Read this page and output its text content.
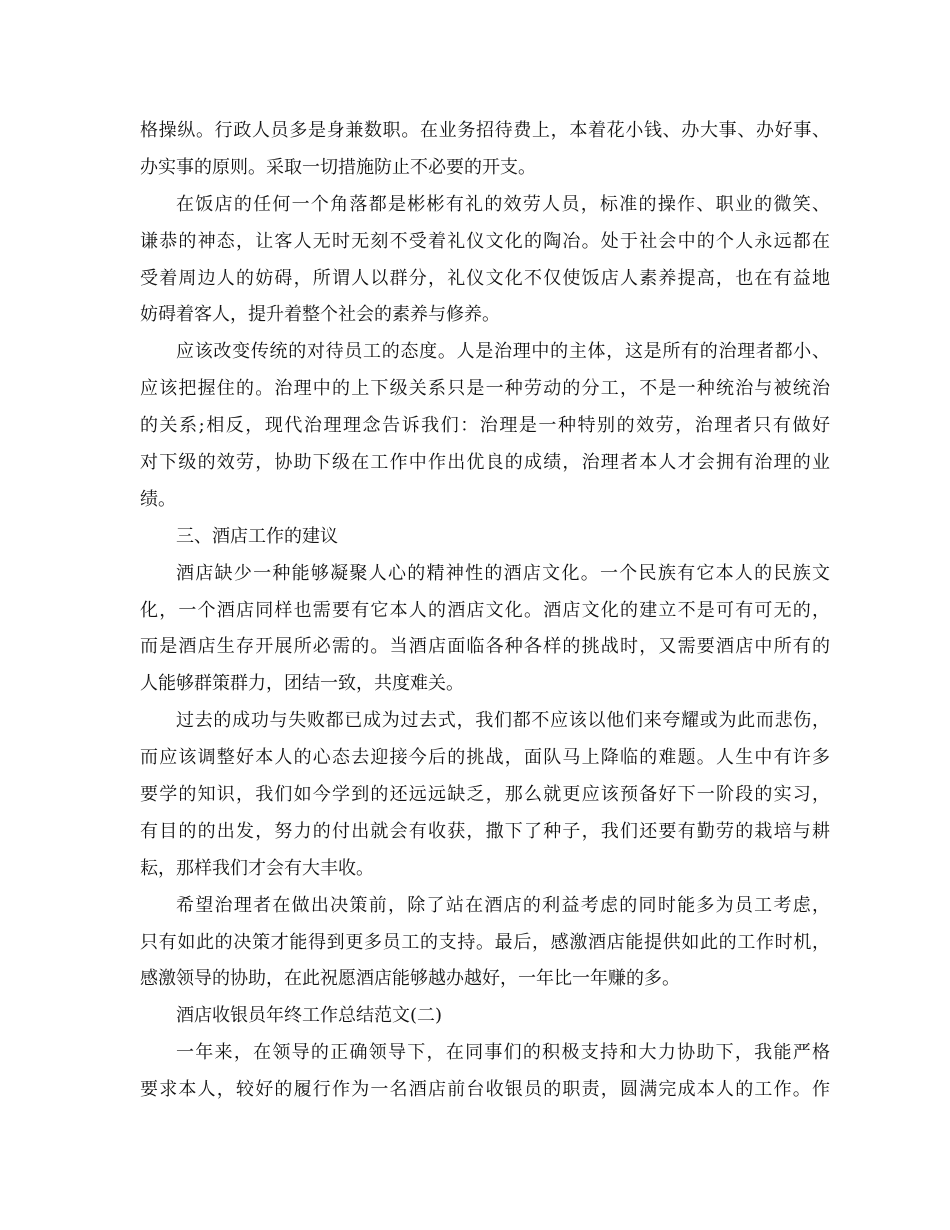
格操纵。行政人员多是身兼数职。在业务招待费上，本着花小钱、办大事、办好事、
办实事的原则。采取一切措施防止不必要的开支。
在饭店的任何一个角落都是彬彬有礼的效劳人员，标准的操作、职业的微笑、
谦恭的神态，让客人无时无刻不受着礼仪文化的陶冶。处于社会中的个人永远都在
受着周边人的妨碍，所谓人以群分，礼仪文化不仅使饭店人素养提高，也在有益地
妨碍着客人，提升着整个社会的素养与修养。
应该改变传统的对待员工的态度。人是治理中的主体，这是所有的治理者都小、
应该把握住的。治理中的上下级关系只是一种劳动的分工，不是一种统治与被统治
的关系;相反，现代治理理念告诉我们：治理是一种特别的效劳，治理者只有做好
对下级的效劳，协助下级在工作中作出优良的成绩，治理者本人才会拥有治理的业
绩。
三、酒店工作的建议
酒店缺少一种能够凝聚人心的精神性的酒店文化。一个民族有它本人的民族文
化，一个酒店同样也需要有它本人的酒店文化。酒店文化的建立不是可有可无的，
而是酒店生存开展所必需的。当酒店面临各种各样的挑战时，又需要酒店中所有的
人能够群策群力，团结一致，共度难关。
过去的成功与失败都已成为过去式，我们都不应该以他们来夸耀或为此而悲伤，
而应该调整好本人的心态去迎接今后的挑战，面队马上降临的难题。人生中有许多
要学的知识，我们如今学到的还远远缺乏，那么就更应该预备好下一阶段的实习，
有目的的出发，努力的付出就会有收获，撒下了种子，我们还要有勤劳的栽培与耕
耘，那样我们才会有大丰收。
希望治理者在做出决策前，除了站在酒店的利益考虑的同时能多为员工考虑，
只有如此的决策才能得到更多员工的支持。最后，感激酒店能提供如此的工作时机，
感激领导的协助，在此祝愿酒店能够越办越好，一年比一年赚的多。
酒店收银员年终工作总结范文(二)
一年来，在领导的正确领导下，在同事们的积极支持和大力协助下，我能严格
要求本人，较好的履行作为一名酒店前台收银员的职责，圆满完成本人的工作。作
